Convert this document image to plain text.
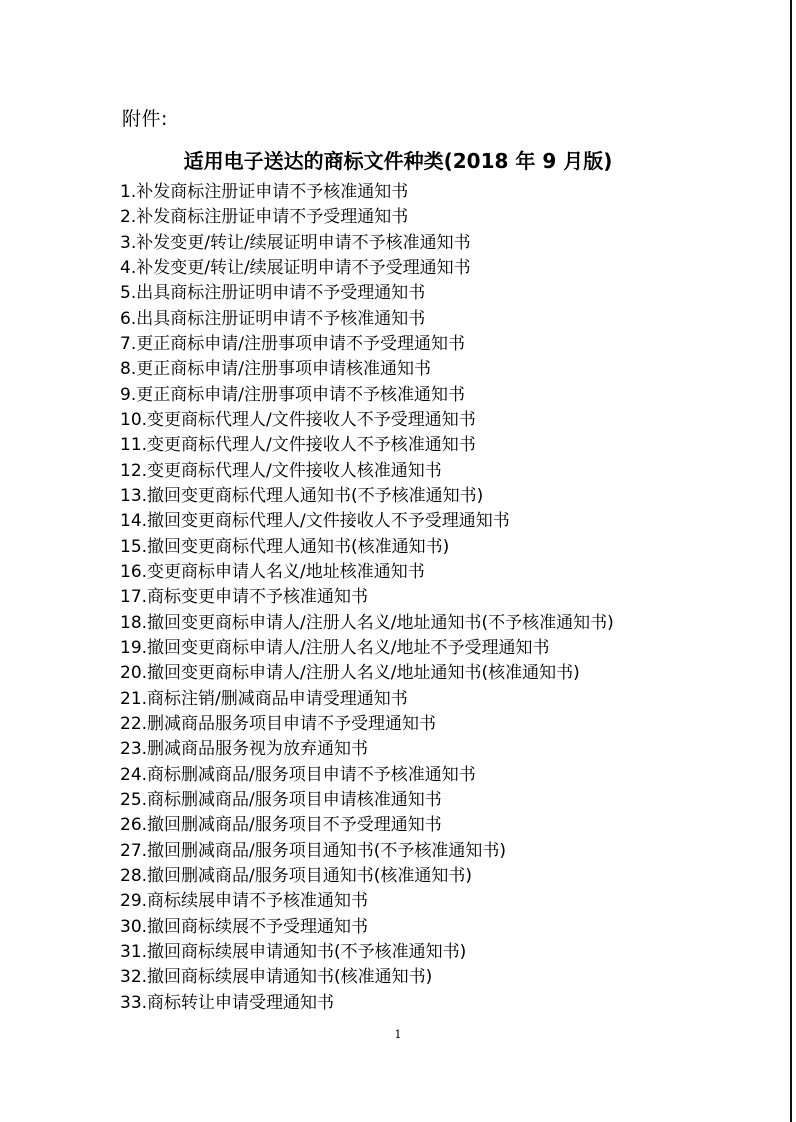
附件:
适用电子送达的商标文件种类(2018 年 9 月版)
1.补发商标注册证申请不予核准通知书
2.补发商标注册证申请不予受理通知书
3.补发变更/转让/续展证明申请不予核准通知书
4.补发变更/转让/续展证明申请不予受理通知书
5.出具商标注册证明申请不予受理通知书
6.出具商标注册证明申请不予核准通知书
7.更正商标申请/注册事项申请不予受理通知书
8.更正商标申请/注册事项申请核准通知书
9.更正商标申请/注册事项申请不予核准通知书
10.变更商标代理人/文件接收人不予受理通知书
11.变更商标代理人/文件接收人不予核准通知书
12.变更商标代理人/文件接收人核准通知书
13.撤回变更商标代理人通知书(不予核准通知书)
14.撤回变更商标代理人/文件接收人不予受理通知书
15.撤回变更商标代理人通知书(核准通知书)
16.变更商标申请人名义/地址核准通知书
17.商标变更申请不予核准通知书
18.撤回变更商标申请人/注册人名义/地址通知书(不予核准通知书)
19.撤回变更商标申请人/注册人名义/地址不予受理通知书
20.撤回变更商标申请人/注册人名义/地址通知书(核准通知书)
21.商标注销/删减商品申请受理通知书
22.删减商品服务项目申请不予受理通知书
23.删减商品服务视为放弃通知书
24.商标删减商品/服务项目申请不予核准通知书
25.商标删减商品/服务项目申请核准通知书
26.撤回删减商品/服务项目不予受理通知书
27.撤回删减商品/服务项目通知书(不予核准通知书)
28.撤回删减商品/服务项目通知书(核准通知书)
29.商标续展申请不予核准通知书
30.撤回商标续展不予受理通知书
31.撤回商标续展申请通知书(不予核准通知书)
32.撤回商标续展申请通知书(核准通知书)
33.商标转让申请受理通知书
1
